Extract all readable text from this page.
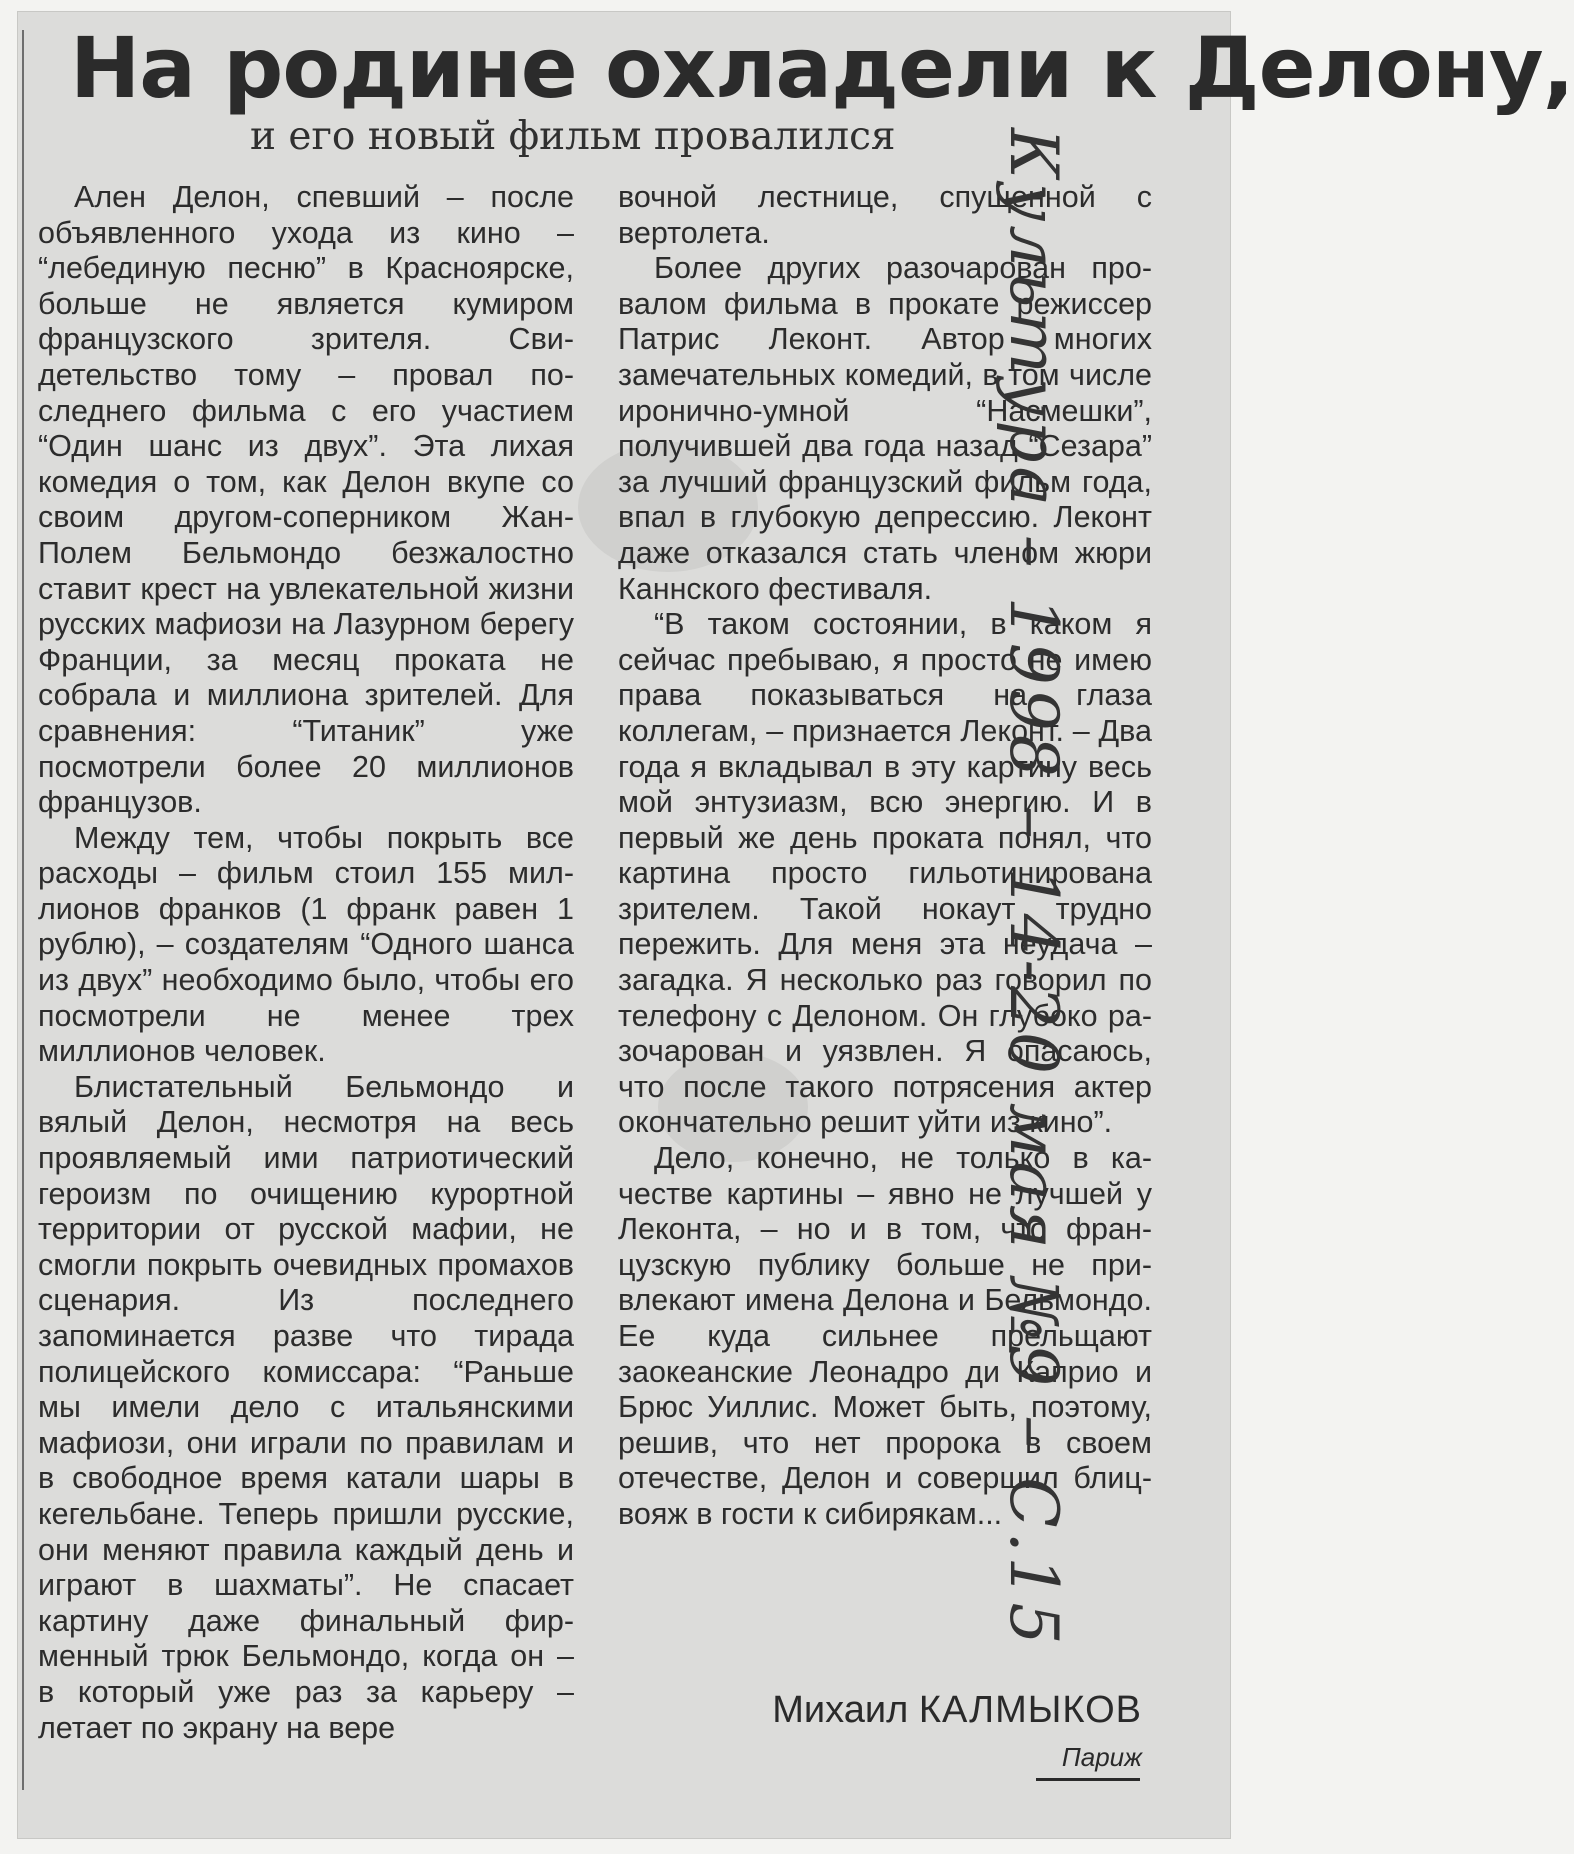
На родине охладели к Делону,
и его новый фильм провалился

Ален Делон, спевший – после объявленного ухода из кино – “лебединую песню” в Красноярске, больше не является кумиром французского зрителя. Свидетельство тому – провал последнего фильма с его участием “Один шанс из двух”. Эта лихая комедия о том, как Делон вкупе со своим другом-соперником Жан-Полем Бельмондо безжалостно ставит крест на увлекательной жизни русских мафиози на Лазурном берегу Франции, за месяц проката не собрала и миллиона зрителей. Для сравнения: “Титаник” уже посмотрели более 20 миллионов французов.

Между тем, чтобы покрыть все расходы – фильм стоил 155 миллионов франков (1 франк равен 1 рублю), – создателям “Одного шанса из двух” необходимо было, чтобы его посмотрели не менее трех миллионов человек.

Блистательный Бельмондо и вялый Делон, несмотря на весь проявляемый ими патриотический героизм по очищению курортной территории от русской мафии, не смогли покрыть очевидных промахов сценария. Из последнего запоминается разве что тирада полицейского комиссара: “Раньше мы имели дело с итальянскими мафиози, они играли по правилам и в свободное время катали шары в кегельбане. Теперь пришли русские, они меняют правила каждый день и играют в шахматы”. Не спасает картину даже финальный фирменный трюк Бельмондо, когда он – в который уже раз за карьеру – летает по экрану на вере

вочной лестнице, спущенной с вертолета.

Более других разочарован провалом фильма в прокате режиссер Патрис Леконт. Автор многих замечательных комедий, в том числе иронично-умной “Насмешки”, получившей два года назад “Сезара” за лучший французский фильм года, впал в глубокую депрессию. Леконт даже отказался стать членом жюри Каннского фестиваля.

“В таком состоянии, в каком я сейчас пребываю, я просто не имею права показываться на глаза коллегам, – признается Леконт. – Два года я вкладывал в эту картину весь мой энтузиазм, всю энергию. И в первый же день проката понял, что картина просто гильотинирована зрителем. Такой нокаут трудно пережить. Для меня эта неудача – загадка. Я несколько раз говорил по телефону с Делоном. Он глубоко разочарован и уязвлен. Я опасаюсь, что после такого потрясения актер окончательно решит уйти из кино”.

Дело, конечно, не только в качестве картины – явно не лучшей у Леконта, – но и в том, что французскую публику больше не привлекают имена Делона и Бельмондо. Ее куда сильнее прельщают заокеанские Леонадро ди Каприо и Брюс Уиллис. Может быть, поэтому, решив, что нет пророка в своем отечестве, Делон и совершил блиц-вояж в гости к сибирякам...

Михаил КАЛМЫКОВ
Париж
Культура – 1998 – 14-20 мая №9 – С.15
